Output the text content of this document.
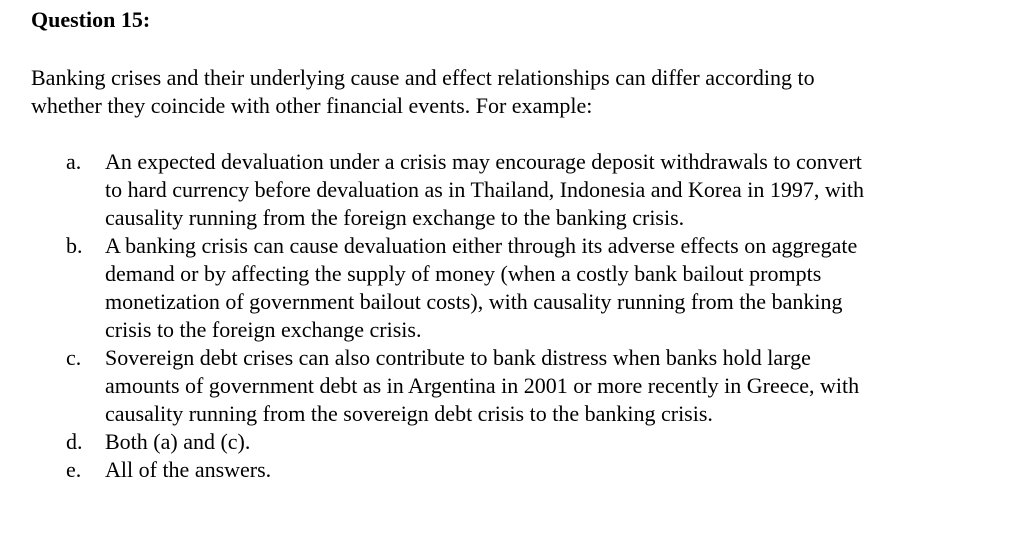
Question 15:
Banking crises and their underlying cause and effect relationships can differ according to
whether they coincide with other financial events. For example:
a. An expected devaluation under a crisis may encourage deposit withdrawals to convert
to hard currency before devaluation as in Thailand, Indonesia and Korea in 1997, with
causality running from the foreign exchange to the banking crisis.
b. A banking crisis can cause devaluation either through its adverse effects on aggregate
demand or by affecting the supply of money (when a costly bank bailout prompts
monetization of government bailout costs), with causality running from the banking
crisis to the foreign exchange crisis.
c. Sovereign debt crises can also contribute to bank distress when banks hold large
amounts of government debt as in Argentina in 2001 or more recently in Greece, with
causality running from the sovereign debt crisis to the banking crisis.
d. Both (a) and (c).
e. All of the answers.
